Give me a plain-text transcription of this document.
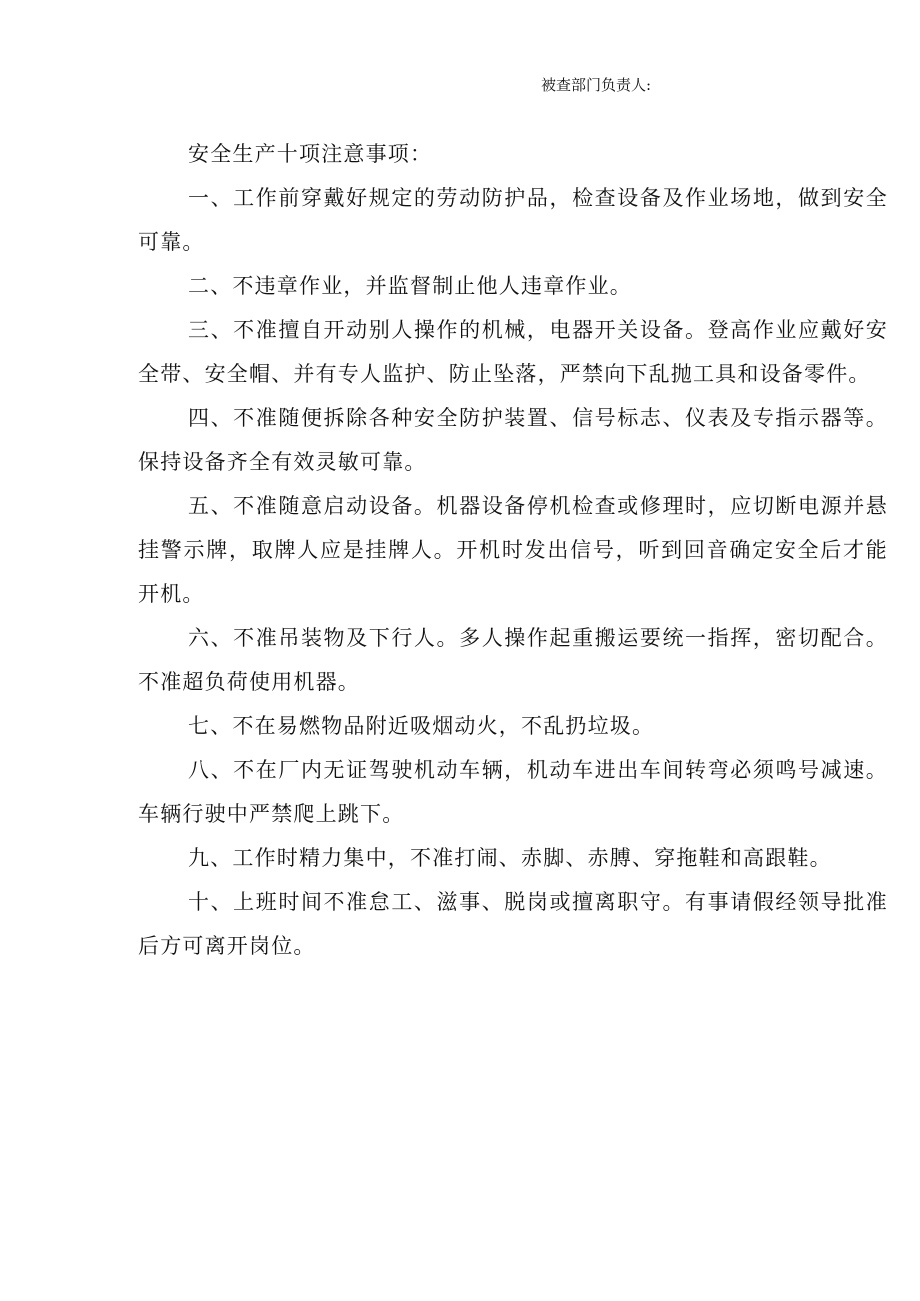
被查部门负责人:

安全生产十项注意事项：

一、工作前穿戴好规定的劳动防护品，检查设备及作业场地，做到安全可靠。

二、不违章作业，并监督制止他人违章作业。

三、不准擅自开动别人操作的机械，电器开关设备。登高作业应戴好安全带、安全帽、并有专人监护、防止坠落，严禁向下乱抛工具和设备零件。

四、不准随便拆除各种安全防护装置、信号标志、仪表及专指示器等。保持设备齐全有效灵敏可靠。

五、不准随意启动设备。机器设备停机检查或修理时，应切断电源并悬挂警示牌，取牌人应是挂牌人。开机时发出信号，听到回音确定安全后才能开机。

六、不准吊装物及下行人。多人操作起重搬运要统一指挥，密切配合。不准超负荷使用机器。

七、不在易燃物品附近吸烟动火，不乱扔垃圾。

八、不在厂内无证驾驶机动车辆，机动车进出车间转弯必须鸣号减速。车辆行驶中严禁爬上跳下。

九、工作时精力集中，不准打闹、赤脚、赤膊、穿拖鞋和高跟鞋。

十、上班时间不准怠工、滋事、脱岗或擅离职守。有事请假经领导批准后方可离开岗位。
